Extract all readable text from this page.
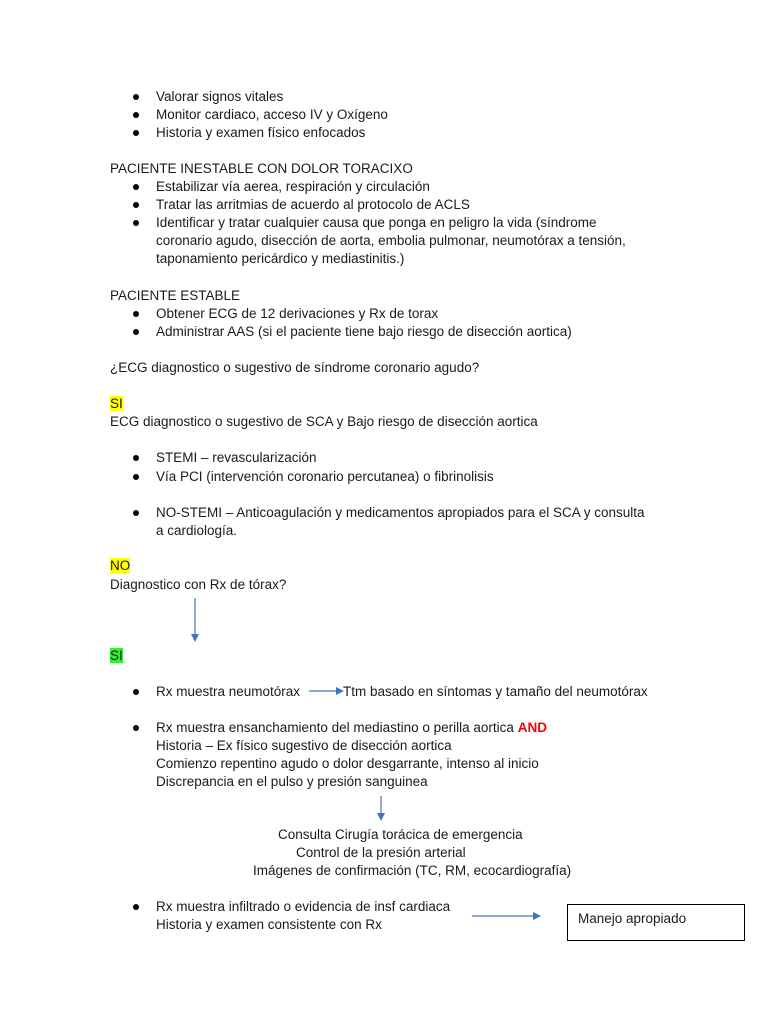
Valorar signos vitales
Monitor cardiaco, acceso IV y Oxígeno
Historia y examen físico enfocados
PACIENTE INESTABLE CON DOLOR TORACIXO
Estabilizar vía aerea, respiración y circulación
Tratar las arritmias de acuerdo al protocolo de ACLS
Identificar y tratar cualquier causa que ponga en peligro la vida (síndrome
coronario agudo, disección de aorta, embolia pulmonar, neumotórax a tensión,
taponamiento pericárdico y mediastinitis.)
PACIENTE ESTABLE
Obtener ECG de 12 derivaciones y Rx de torax
Administrar AAS (si el paciente tiene bajo riesgo de disección aortica)
¿ECG diagnostico o sugestivo de síndrome coronario agudo?
SI
ECG diagnostico o sugestivo de SCA y Bajo riesgo de disección aortica
STEMI – revascularización
Vía PCI (intervención coronario percutanea) o fibrinolisis
NO-STEMI – Anticoagulación y medicamentos apropiados para el SCA y consulta
a cardiología.
NO
Diagnostico con Rx de tórax?
SI
Rx muestra neumotórax	Ttm basado en síntomas y tamaño del neumotórax
Rx muestra ensanchamiento del mediastino o perilla aortica AND
Historia – Ex físico sugestivo de disección aortica
Comienzo repentino agudo o dolor desgarrante, intenso al inicio
Discrepancia en el pulso y presión sanguinea
Consulta Cirugía torácica de emergencia
Control de la presión arterial
Imágenes de confirmación (TC, RM, ecocardiografía)
Rx muestra infiltrado o evidencia de insf cardiaca
Historia y examen consistente con Rx	Manejo apropiado
